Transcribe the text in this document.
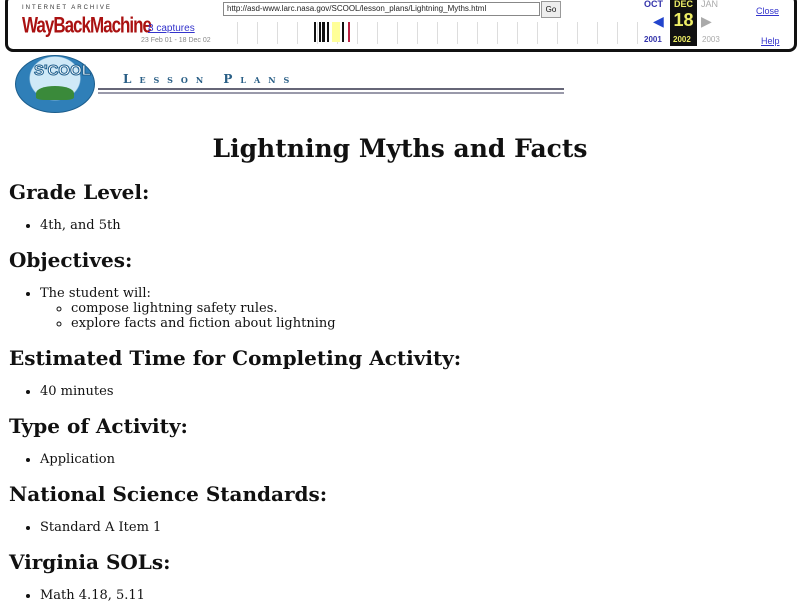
INTERNET ARCHIVE
WayBackMachine
8 captures
23 Feb 01 - 18 Dec 02
http://asd-www.larc.nasa.gov/SCOOL/lesson_plans/Lightning_Myths.html	Go
OCT DEC
18
JAN
◀	▶
2001 2002 2003
Close
Help
S'COOL	Lesson Plans
Lightning Myths and Facts
Grade Level:
• 4th, and 5th
Objectives:
• The student will:
◦ compose lightning safety rules.
◦ explore facts and fiction about lightning
Estimated Time for Completing Activity:
• 40 minutes
Type of Activity:
• Application
National Science Standards:
• Standard A Item 1
Virginia SOLs:
• Math 4.18, 5.11
